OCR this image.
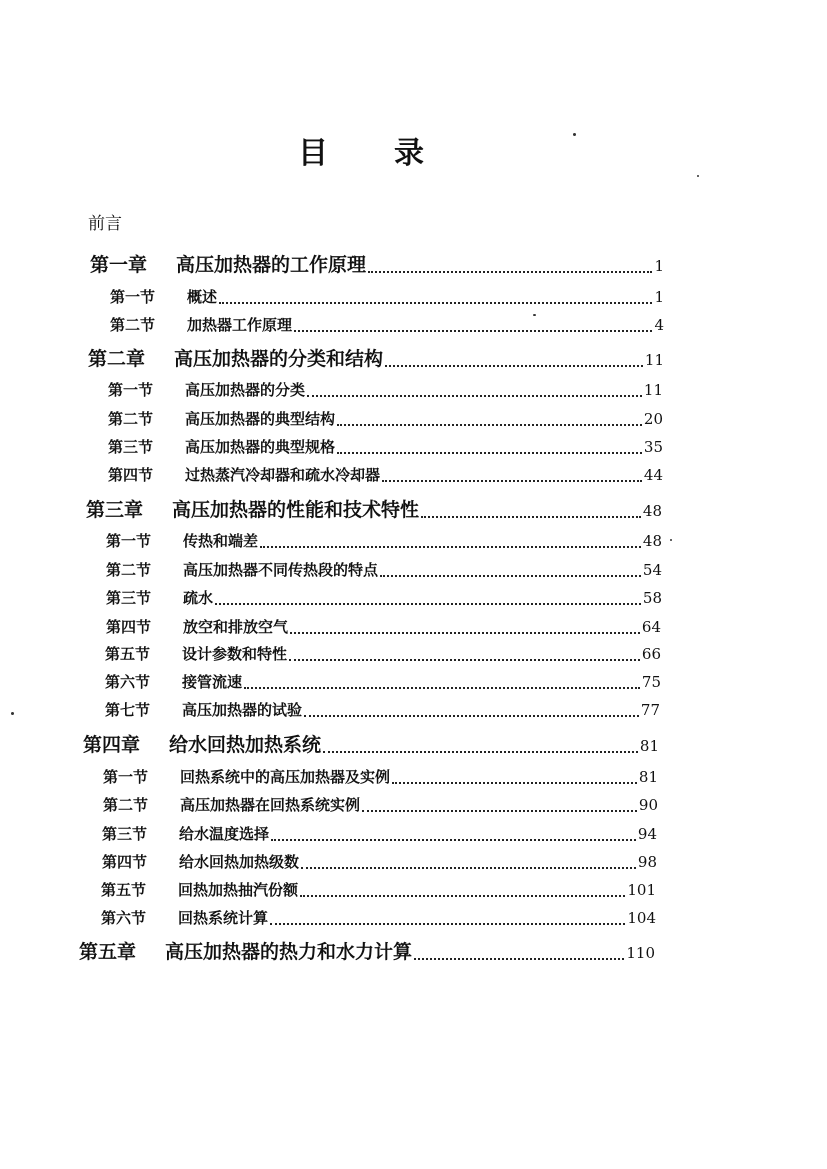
目 录
前言
第一章	高压加热器的工作原理	1
第一节	概述	1
第二节	加热器工作原理	4
第二章	高压加热器的分类和结构	11
第一节	高压加热器的分类	11
第二节	高压加热器的典型结构	20
第三节	高压加热器的典型规格	35
第四节	过热蒸汽冷却器和疏水冷却器	44
第三章	高压加热器的性能和技术特性	48
第一节	传热和端差	48
第二节	高压加热器不同传热段的特点	54
第三节	疏水	58
第四节	放空和排放空气	64
第五节	设计参数和特性	66
第六节	接管流速	75
第七节	高压加热器的试验	77
第四章	给水回热加热系统	81
第一节	回热系统中的高压加热器及实例	81
第二节	高压加热器在回热系统实例	90
第三节	给水温度选择	94
第四节	给水回热加热级数	98
第五节	回热加热抽汽份额	101
第六节	回热系统计算	104
第五章	高压加热器的热力和水力计算	110
